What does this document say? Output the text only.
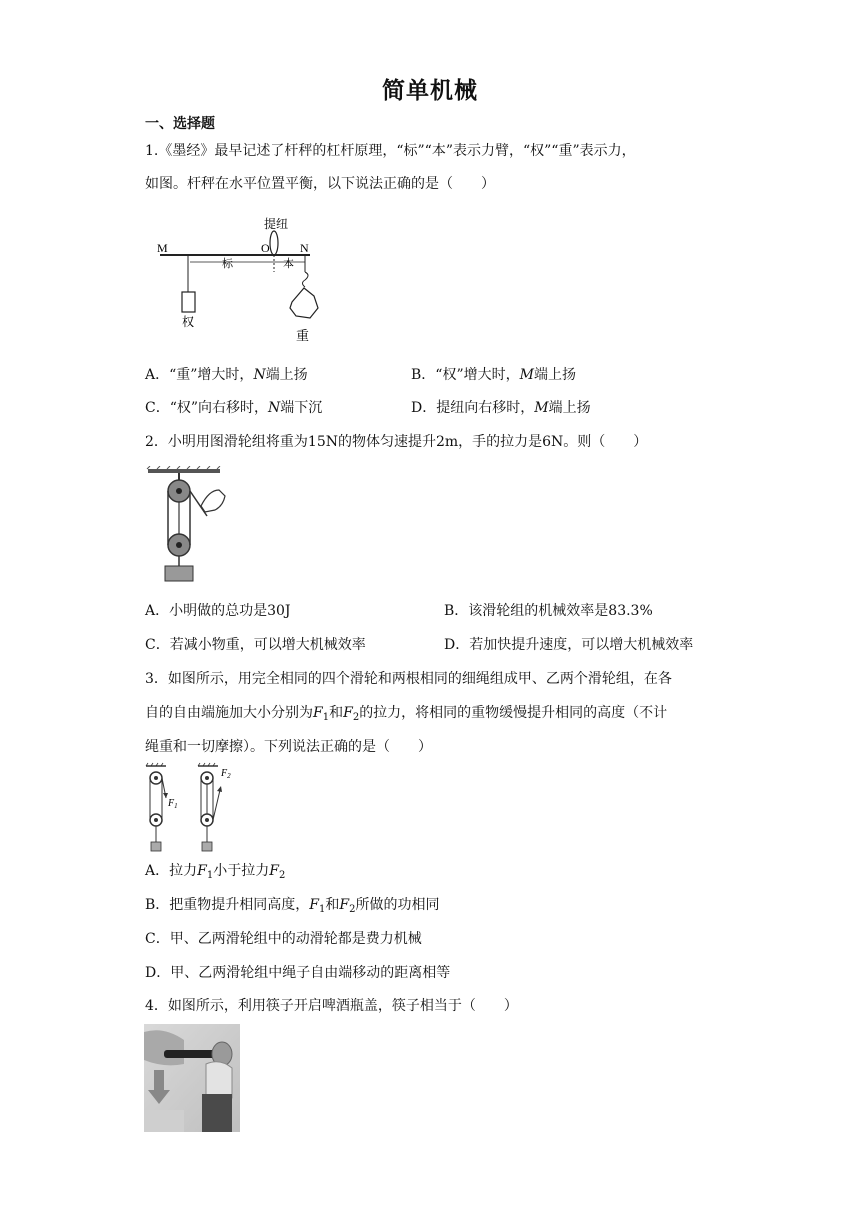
简单机械
一、选择题
1.《墨经》最早记述了杆秤的杠杆原理，“标”“本”表示力臂，“权”“重”表示力，
如图。杆秤在水平位置平衡，以下说法正确的是（　　）
提纽
M	O	N
标	本
权
重
A．“重”增大时，N端上扬	B．“权”增大时，M端上扬
C．“权”向右移时，N端下沉	D．提纽向右移时，M端上扬
2．小明用图滑轮组将重为15N的物体匀速提升2m，手的拉力是6N。则（　　）
A．小明做的总功是30J	B．该滑轮组的机械效率是83.3%
C．若减小物重，可以增大机械效率	D．若加快提升速度，可以增大机械效率
3．如图所示，用完全相同的四个滑轮和两根相同的细绳组成甲、乙两个滑轮组，在各
自的自由端施加大小分别为$F_1$和$F_2$的拉力，将相同的重物缓慢提升相同的高度（不计
绳重和一切摩擦）。下列说法正确的是（　　）
$F_1$
$F_2$
A．拉力$F_1$小于拉力$F_2$
B．把重物提升相同高度，$F_1$和$F_2$所做的功相同
C．甲、乙两滑轮组中的动滑轮都是费力机械
D．甲、乙两滑轮组中绳子自由端移动的距离相等
4．如图所示，利用筷子开启啤酒瓶盖，筷子相当于（　　）
